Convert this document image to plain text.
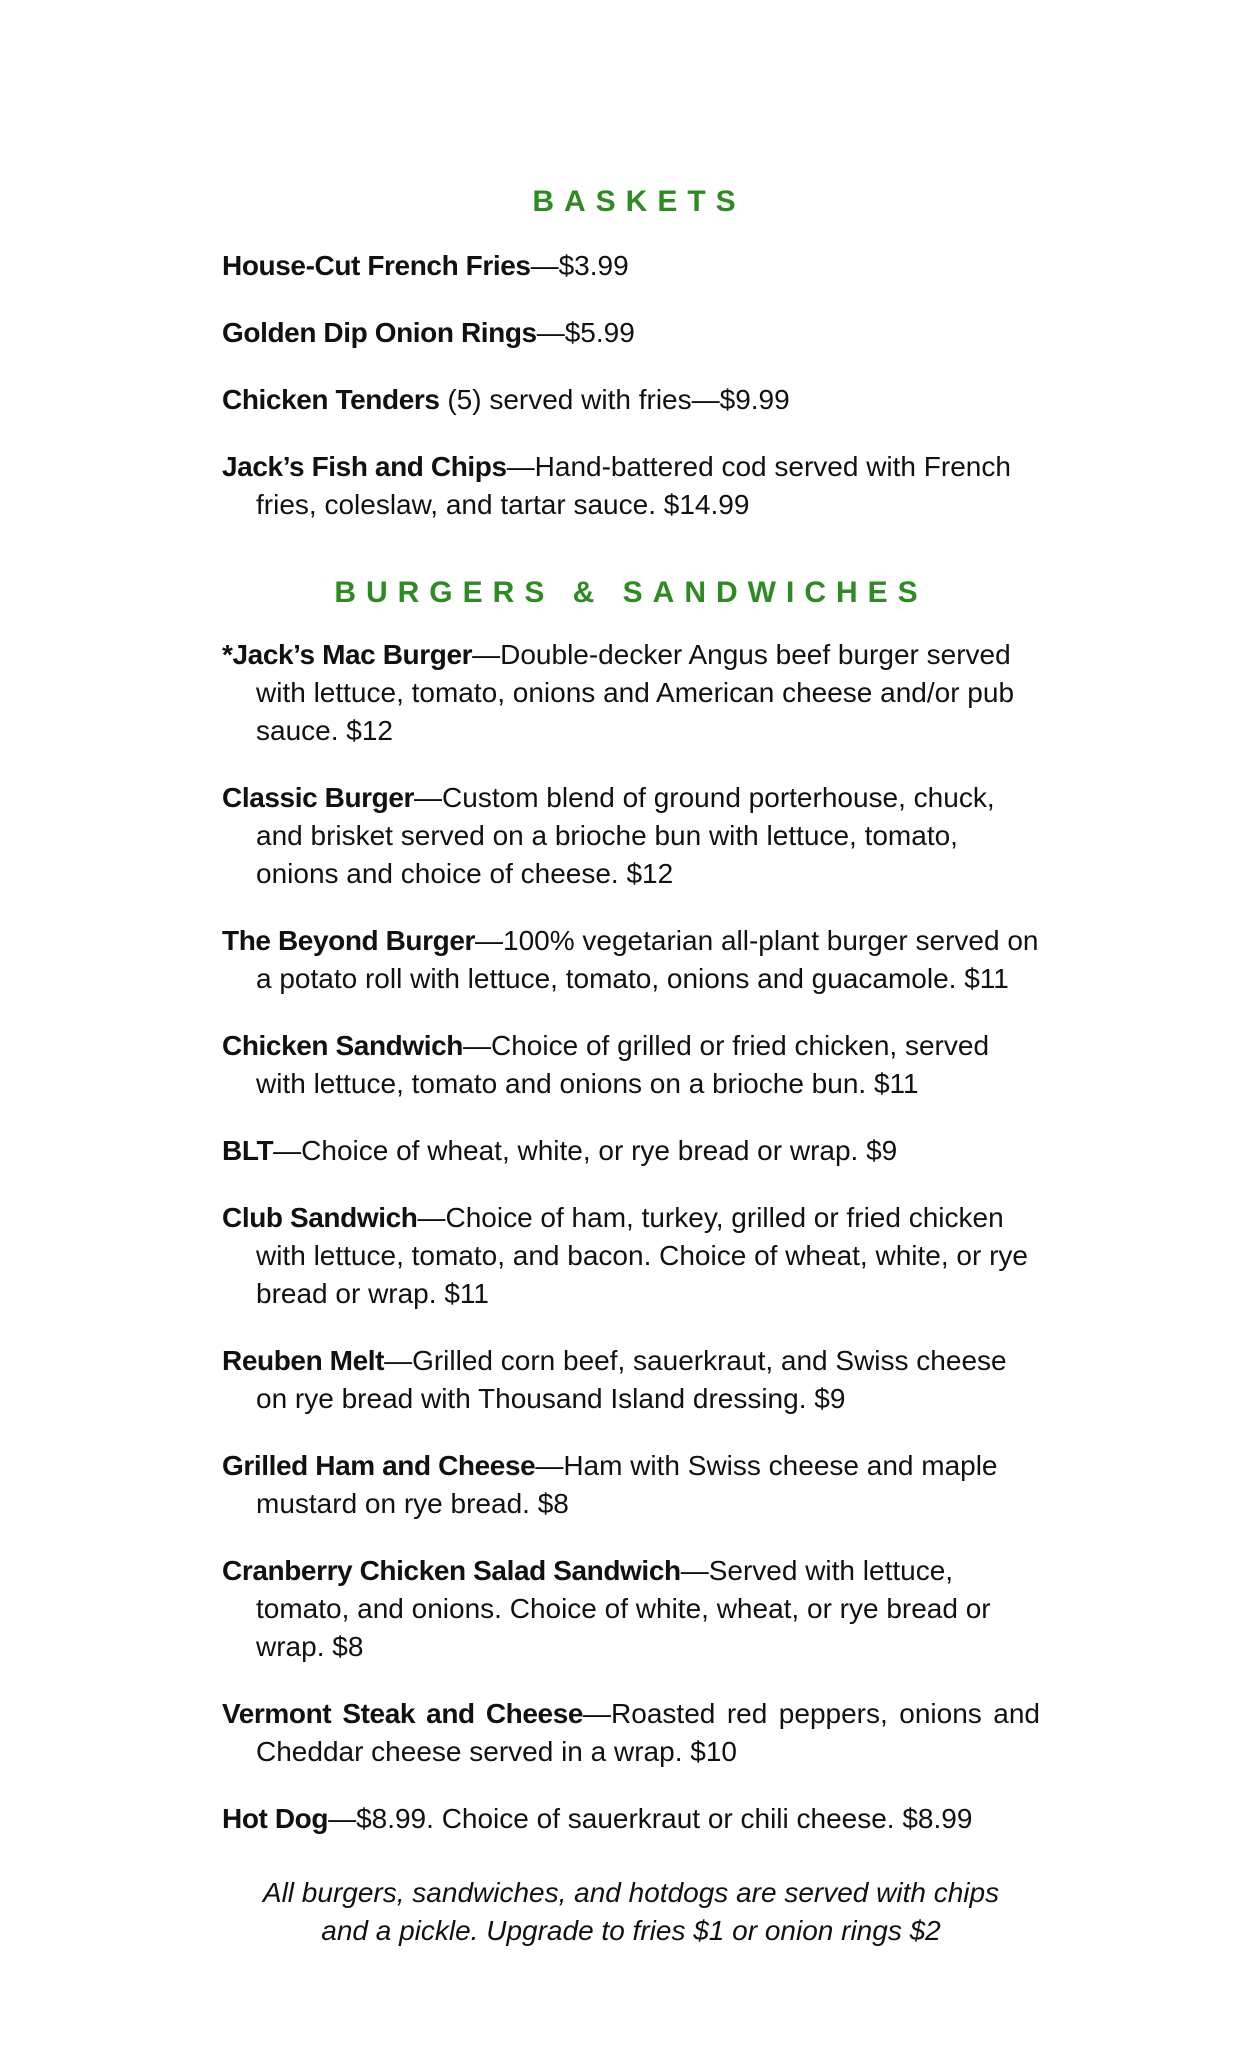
BASKETS

House-Cut French Fries—$3.99

Golden Dip Onion Rings—$5.99

Chicken Tenders (5) served with fries—$9.99

Jack’s Fish and Chips—Hand-battered cod served with French fries, coleslaw, and tartar sauce. $14.99

BURGERS & SANDWICHES

*Jack’s Mac Burger—Double-decker Angus beef burger served with lettuce, tomato, onions and American cheese and/or pub sauce. $12

Classic Burger—Custom blend of ground porterhouse, chuck, and brisket served on a brioche bun with lettuce, tomato, onions and choice of cheese. $12

The Beyond Burger—100% vegetarian all-plant burger served on a potato roll with lettuce, tomato, onions and guacamole. $11

Chicken Sandwich—Choice of grilled or fried chicken, served with lettuce, tomato and onions on a brioche bun. $11

BLT—Choice of wheat, white, or rye bread or wrap. $9

Club Sandwich—Choice of ham, turkey, grilled or fried chicken with lettuce, tomato, and bacon. Choice of wheat, white, or rye bread or wrap. $11

Reuben Melt—Grilled corn beef, sauerkraut, and Swiss cheese on rye bread with Thousand Island dressing. $9

Grilled Ham and Cheese—Ham with Swiss cheese and maple mustard on rye bread. $8

Cranberry Chicken Salad Sandwich—Served with lettuce, tomato, and onions. Choice of white, wheat, or rye bread or wrap. $8

Vermont Steak and Cheese—Roasted red peppers, onions and Cheddar cheese served in a wrap. $10

Hot Dog—$8.99. Choice of sauerkraut or chili cheese. $8.99

All burgers, sandwiches, and hotdogs are served with chips and a pickle. Upgrade to fries $1 or onion rings $2
